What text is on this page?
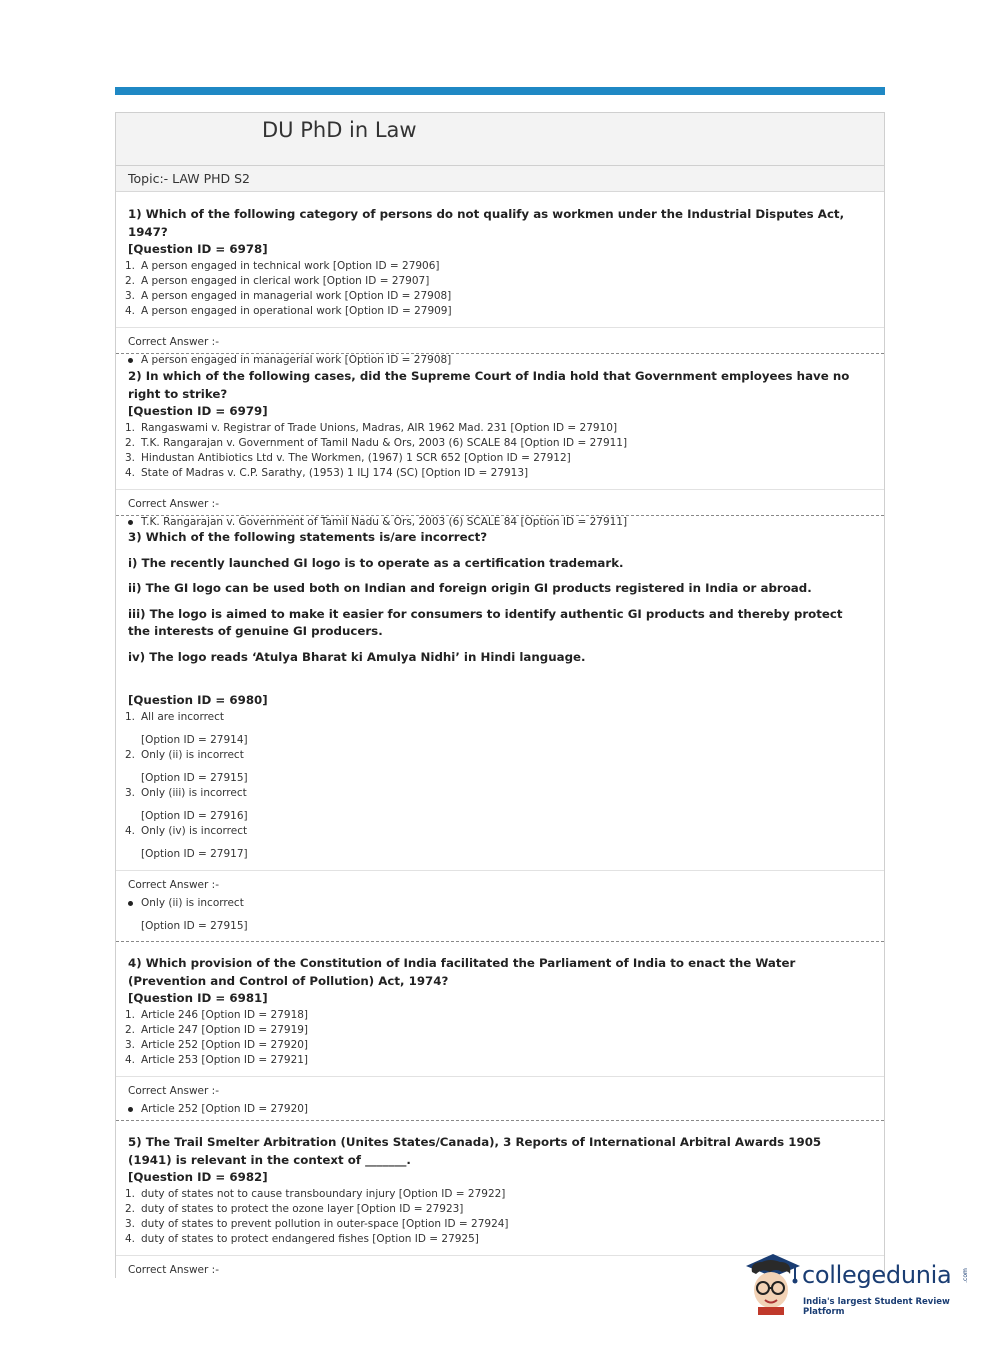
DU PhD in Law
Topic:- LAW PHD S2
1) Which of the following category of persons do not qualify as workmen under the Industrial Disputes Act, 1947?
[Question ID = 6978]
1. A person engaged in technical work [Option ID = 27906]
2. A person engaged in clerical work [Option ID = 27907]
3. A person engaged in managerial work [Option ID = 27908]
4. A person engaged in operational work [Option ID = 27909]
Correct Answer :-
A person engaged in managerial work [Option ID = 27908]
2) In which of the following cases, did the Supreme Court of India hold that Government employees have no right to strike?
[Question ID = 6979]
1. Rangaswami v. Registrar of Trade Unions, Madras, AIR 1962 Mad. 231 [Option ID = 27910]
2. T.K. Rangarajan v. Government of Tamil Nadu & Ors, 2003 (6) SCALE 84 [Option ID = 27911]
3. Hindustan Antibiotics Ltd v. The Workmen, (1967) 1 SCR 652 [Option ID = 27912]
4. State of Madras v. C.P. Sarathy, (1953) 1 ILJ 174 (SC) [Option ID = 27913]
Correct Answer :-
T.K. Rangarajan v. Government of Tamil Nadu & Ors, 2003 (6) SCALE 84 [Option ID = 27911]
3) Which of the following statements is/are incorrect?
i) The recently launched GI logo is to operate as a certification trademark.
ii) The GI logo can be used both on Indian and foreign origin GI products registered in India or abroad.
iii) The logo is aimed to make it easier for consumers to identify authentic GI products and thereby protect the interests of genuine GI producers.
iv) The logo reads ‘Atulya Bharat ki Amulya Nidhi’ in Hindi language.
[Question ID = 6980]
1. All are incorrect
[Option ID = 27914]
2. Only (ii) is incorrect
[Option ID = 27915]
3. Only (iii) is incorrect
[Option ID = 27916]
4. Only (iv) is incorrect
[Option ID = 27917]
Correct Answer :-
Only (ii) is incorrect
[Option ID = 27915]
4) Which provision of the Constitution of India facilitated the Parliament of India to enact the Water (Prevention and Control of Pollution) Act, 1974?
[Question ID = 6981]
1. Article 246 [Option ID = 27918]
2. Article 247 [Option ID = 27919]
3. Article 252 [Option ID = 27920]
4. Article 253 [Option ID = 27921]
Correct Answer :-
Article 252 [Option ID = 27920]
5) The Trail Smelter Arbitration (Unites States/Canada), 3 Reports of International Arbitral Awards 1905 (1941) is relevant in the context of _______.
[Question ID = 6982]
1. duty of states not to cause transboundary injury [Option ID = 27922]
2. duty of states to protect the ozone layer [Option ID = 27923]
3. duty of states to prevent pollution in outer-space [Option ID = 27924]
4. duty of states to protect endangered fishes [Option ID = 27925]
Correct Answer :-	collegedunia .com
India's largest Student Review Platform
